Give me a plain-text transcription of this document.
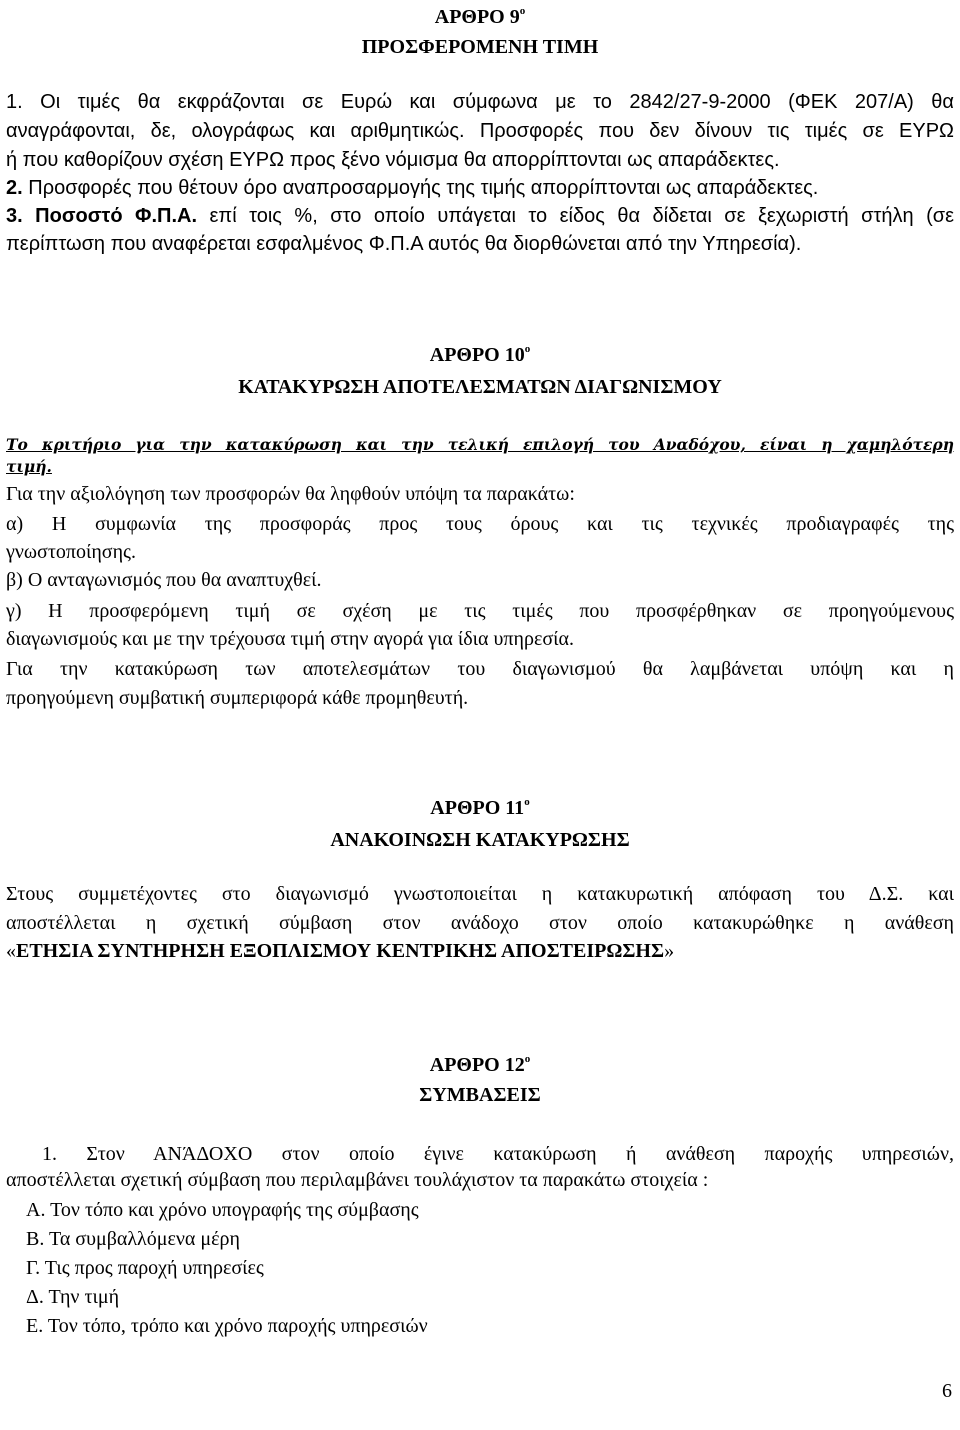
ΑΡΘΡΟ $9^o$
ΠΡΟΣΦΕΡΟΜΕΝΗ ΤΙΜΗ
1. Οι τιμές θα εκφράζονται σε Ευρώ και σύμφωνα με το 2842/27-9-2000 (ΦΕΚ 207/Α) θα
αναγράφονται, δε, ολογράφως και αριθμητικώς. Προσφορές που δεν δίνουν τις τιμές σε ΕΥΡΩ
ή που καθορίζουν σχέση ΕΥΡΩ προς ξένο νόμισμα θα απορρίπτονται ως απαράδεκτες.
2. Προσφορές που θέτουν όρο αναπροσαρμογής της τιμής απορρίπτονται ως απαράδεκτες.
3. Ποσοστό Φ.Π.Α. επί τοις %, στο οποίο υπάγεται το είδος θα δίδεται σε ξεχωριστή στήλη (σε
περίπτωση που αναφέρεται εσφαλμένος Φ.Π.Α αυτός θα διορθώνεται από την Υπηρεσία).
ΑΡΘΡΟ $10^o$
ΚΑΤΑΚΥΡΩΣΗ ΑΠΟΤΕΛΕΣΜΑΤΩΝ ΔΙΑΓΩΝΙΣΜΟΥ
Το κριτήριο για την κατακύρωση και την τελική επιλογή του Αναδόχου, είναι η χαμηλότερη
τιμή.
Για την αξιολόγηση των προσφορών θα ληφθούν υπόψη τα παρακάτω:
α) Η συμφωνία της προσφοράς προς τους όρους και τις τεχνικές προδιαγραφές της
γνωστοποίησης.
β) Ο ανταγωνισμός που θα αναπτυχθεί.
γ) Η προσφερόμενη τιμή σε σχέση με τις τιμές που προσφέρθηκαν σε προηγούμενους
διαγωνισμούς και με την τρέχουσα τιμή στην αγορά για ίδια υπηρεσία.
Για την κατακύρωση των αποτελεσμάτων του διαγωνισμού θα λαμβάνεται υπόψη και η
προηγούμενη συμβατική συμπεριφορά κάθε προμηθευτή.
ΑΡΘΡΟ $11^o$
ΑΝΑΚΟΙΝΩΣΗ ΚΑΤΑΚΥΡΩΣΗΣ
Στους συμμετέχοντες στο διαγωνισμό γνωστοποιείται η κατακυρωτική απόφαση του Δ.Σ. και
αποστέλλεται η σχετική σύμβαση στον ανάδοχο στον οποίο κατακυρώθηκε η ανάθεση
«ΕΤΗΣΙΑ ΣΥΝΤΗΡΗΣΗ ΕΞΟΠΛΙΣΜΟΥ ΚΕΝΤΡΙΚΗΣ ΑΠΟΣΤΕΙΡΩΣΗΣ»
ΑΡΘΡΟ $12^o$
ΣΥΜΒΑΣΕΙΣ
1. Στον ΑΝΆΔΟΧΟ στον οποίο έγινε κατακύρωση ή ανάθεση παροχής υπηρεσιών,
αποστέλλεται σχετική σύμβαση που περιλαμβάνει τουλάχιστον τα παρακάτω στοιχεία :
Α. Τον τόπο και χρόνο υπογραφής της σύμβασης
Β. Τα συμβαλλόμενα μέρη
Γ. Τις προς παροχή υπηρεσίες
Δ. Την τιμή
Ε. Τον τόπο, τρόπο και χρόνο παροχής υπηρεσιών
6
